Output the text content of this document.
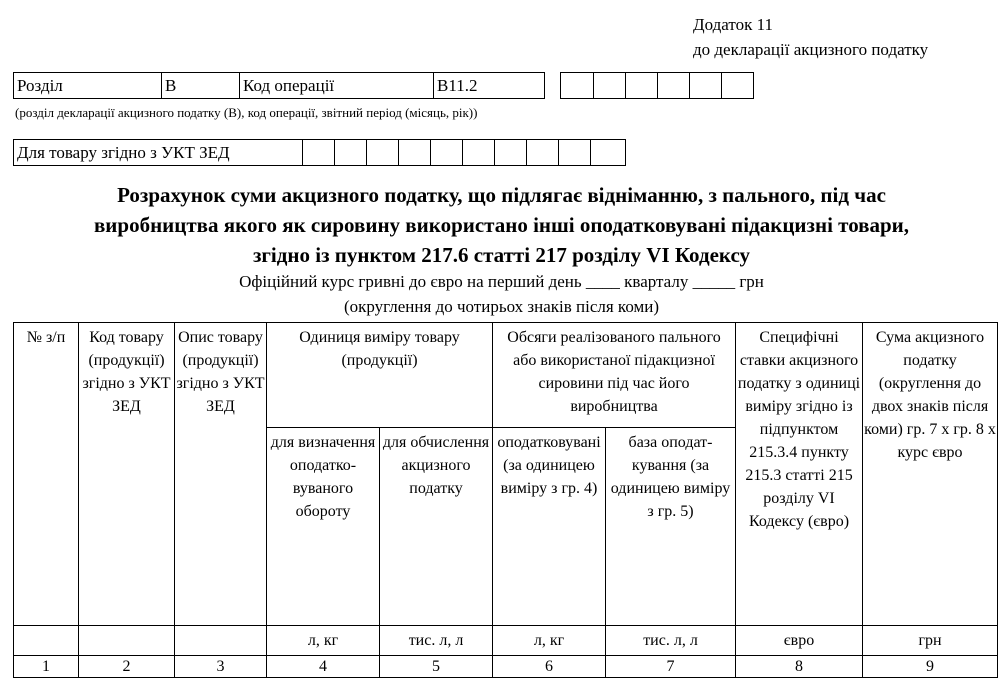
Додаток 11
до декларації акцизного податку
Розділ	В	Код операції	B11.2
(розділ декларації акцизного податку (В), код операції, звітний період (місяць, рік))
Для товару згідно з УКТ ЗЕД
Розрахунок суми акцизного податку, що підлягає відніманню, з пального, під час
виробництва якого як сировину використано інші оподатковувані підакцизні товари,
згідно із пунктом 217.6 статті 217 розділу VI Кодексу
Офіційний курс гривні до євро на перший день ____ кварталу _____ грн
(округлення до чотирьох знаків після коми)
№ з/п	Код товару (продукції) згідно з УКТ ЗЕД	Опис товару (продукції) згідно з УКТ ЗЕД	Одиниця виміру товару (продукції)		Обсяги реалізованого пального або використаної підакцизної сировини під час його виробництва		Специфічні ставки акцизного податку з одиниці виміру згідно із підпунктом 215.3.4 пункту 215.3 статті 215 розділу VI Кодексу (євро)	Сума акцизного податку (округлення до двох знаків після коми) гр. 7 х гр. 8 х курс євро
			для визначення оподатко-вуваного обороту	для обчислення акцизного податку	оподатковувані (за одиницею виміру з гр. 4)	база оподат-кування (за одиницею виміру з гр. 5)		
			л, кг	тис. л, л	л, кг	тис. л, л	євро	грн
1	2	3	4	5	6	7	8	9
